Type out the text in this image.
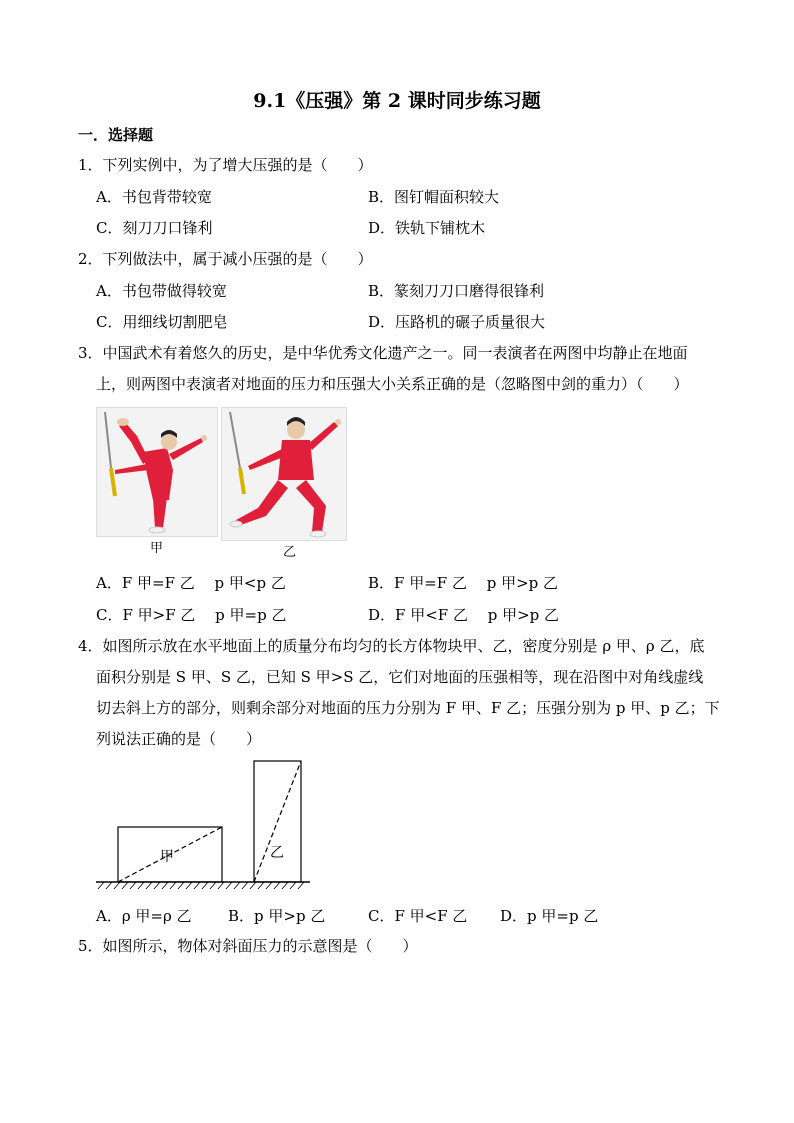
9.1《压强》第 2 课时同步练习题
一．选择题
1．下列实例中，为了增大压强的是（　　）
A．书包背带较宽	B．图钉帽面积较大
C．刻刀刀口锋利	D．铁轨下铺枕木
2．下列做法中，属于减小压强的是（　　）
A．书包带做得较宽	B．篆刻刀刀口磨得很锋利
C．用细线切割肥皂	D．压路机的碾子质量很大
3．中国武术有着悠久的历史，是中华优秀文化遗产之一。同一表演者在两图中均静止在地面
上，则两图中表演者对地面的压力和压强大小关系正确的是（忽略图中剑的重力）（　　）
甲	乙
A．F 甲=F 乙　 p 甲<p 乙	B．F 甲=F 乙　 p 甲>p 乙
C．F 甲>F 乙　 p 甲=p 乙	D．F 甲<F 乙　 p 甲>p 乙
4．如图所示放在水平地面上的质量分布均匀的长方体物块甲、乙，密度分别是 ρ 甲、ρ 乙，底
面积分别是 S 甲、S 乙，已知 S 甲>S 乙，它们对地面的压强相等，现在沿图中对角线虚线
切去斜上方的部分，则剩余部分对地面的压力分别为 F 甲、F 乙；压强分别为 p 甲、p 乙；下
列说法正确的是（　　）
甲	乙
A．ρ 甲=ρ 乙 B．p 甲>p 乙	C．F 甲<F 乙 D．p 甲=p 乙
5．如图所示，物体对斜面压力的示意图是（　　）
